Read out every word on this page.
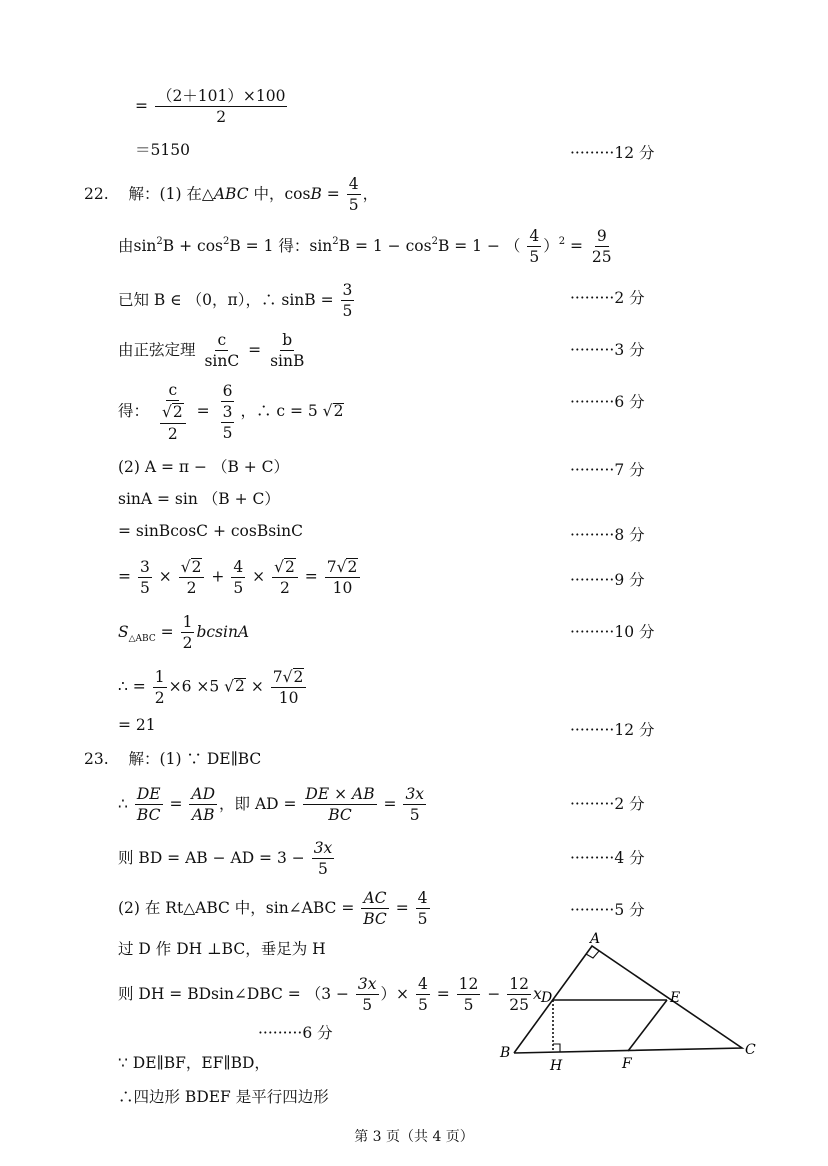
= $\frac{(2+101)\times 100}{2}$
＝5150	·········12 分
22. 解：(1) 在△ABC 中，$\cos B = \frac{4}{5}$ ，
由$\sin^2B + \cos^2B = 1$ 得：$\sin^2B = 1 - \cos^2B = 1$ − （ $\frac{4}{5} )^2 = \frac{9}{25}$
已知 B ∈ （0，π），∴ $\sin B = \frac{3}{5}$	·········2 分
由正弦定理 $\frac{c}{\sin C} = \frac{b}{\sin B}$	·········3 分
得： $\frac{c}{\frac{√2}{2}} = \frac{6}{\frac{3}{5}}$ ，∴ c = 5 √2	·········6 分
(2) A = π − （B + C）	·········7 分
sinA = sin （B + C）
= sinBcosC + cosBsinC	·········8 分
= $\frac{3}{5} \times \frac{√2}{2} + \frac{4}{5} \times \frac{√2}{2} = \frac{7√2}{10}$	·········9 分
$S_{\triangle ABC} = \frac{1}{2}$ bcsinA	·········10 分
∴ = $\frac{1}{2} \times 6 \times 5$ $√2 \times \frac{7√2}{10}$
= 21	·········12 分
23. 解：(1) ∵ DE∥BC
∴ $\frac{DE}{BC} = \frac{AD}{AB}$ ，即 AD = $\frac{DE \times AB}{BC} = \frac{3x}{5}$	·········2 分
则 BD = AB − AD = $3 - \frac{3x}{5}$	·········4 分
(2) 在 Rt△ABC 中，sin∠ABC = $\frac{AC}{BC} = \frac{4}{5}$	·········5 分
过 D 作 DH ⊥BC，垂足为 H
则 DH = BDsin∠DBC = （$3 - \frac{3x}{5}$ ）× $\frac{4}{5} = \frac{12}{5} - \frac{12}{25}$ x
·········6 分
∵ DE∥BF，EF∥BD，
∴四边形 BDEF 是平行四边形
A
B	C
D	E
F
H
第 3 页（共 4 页）
